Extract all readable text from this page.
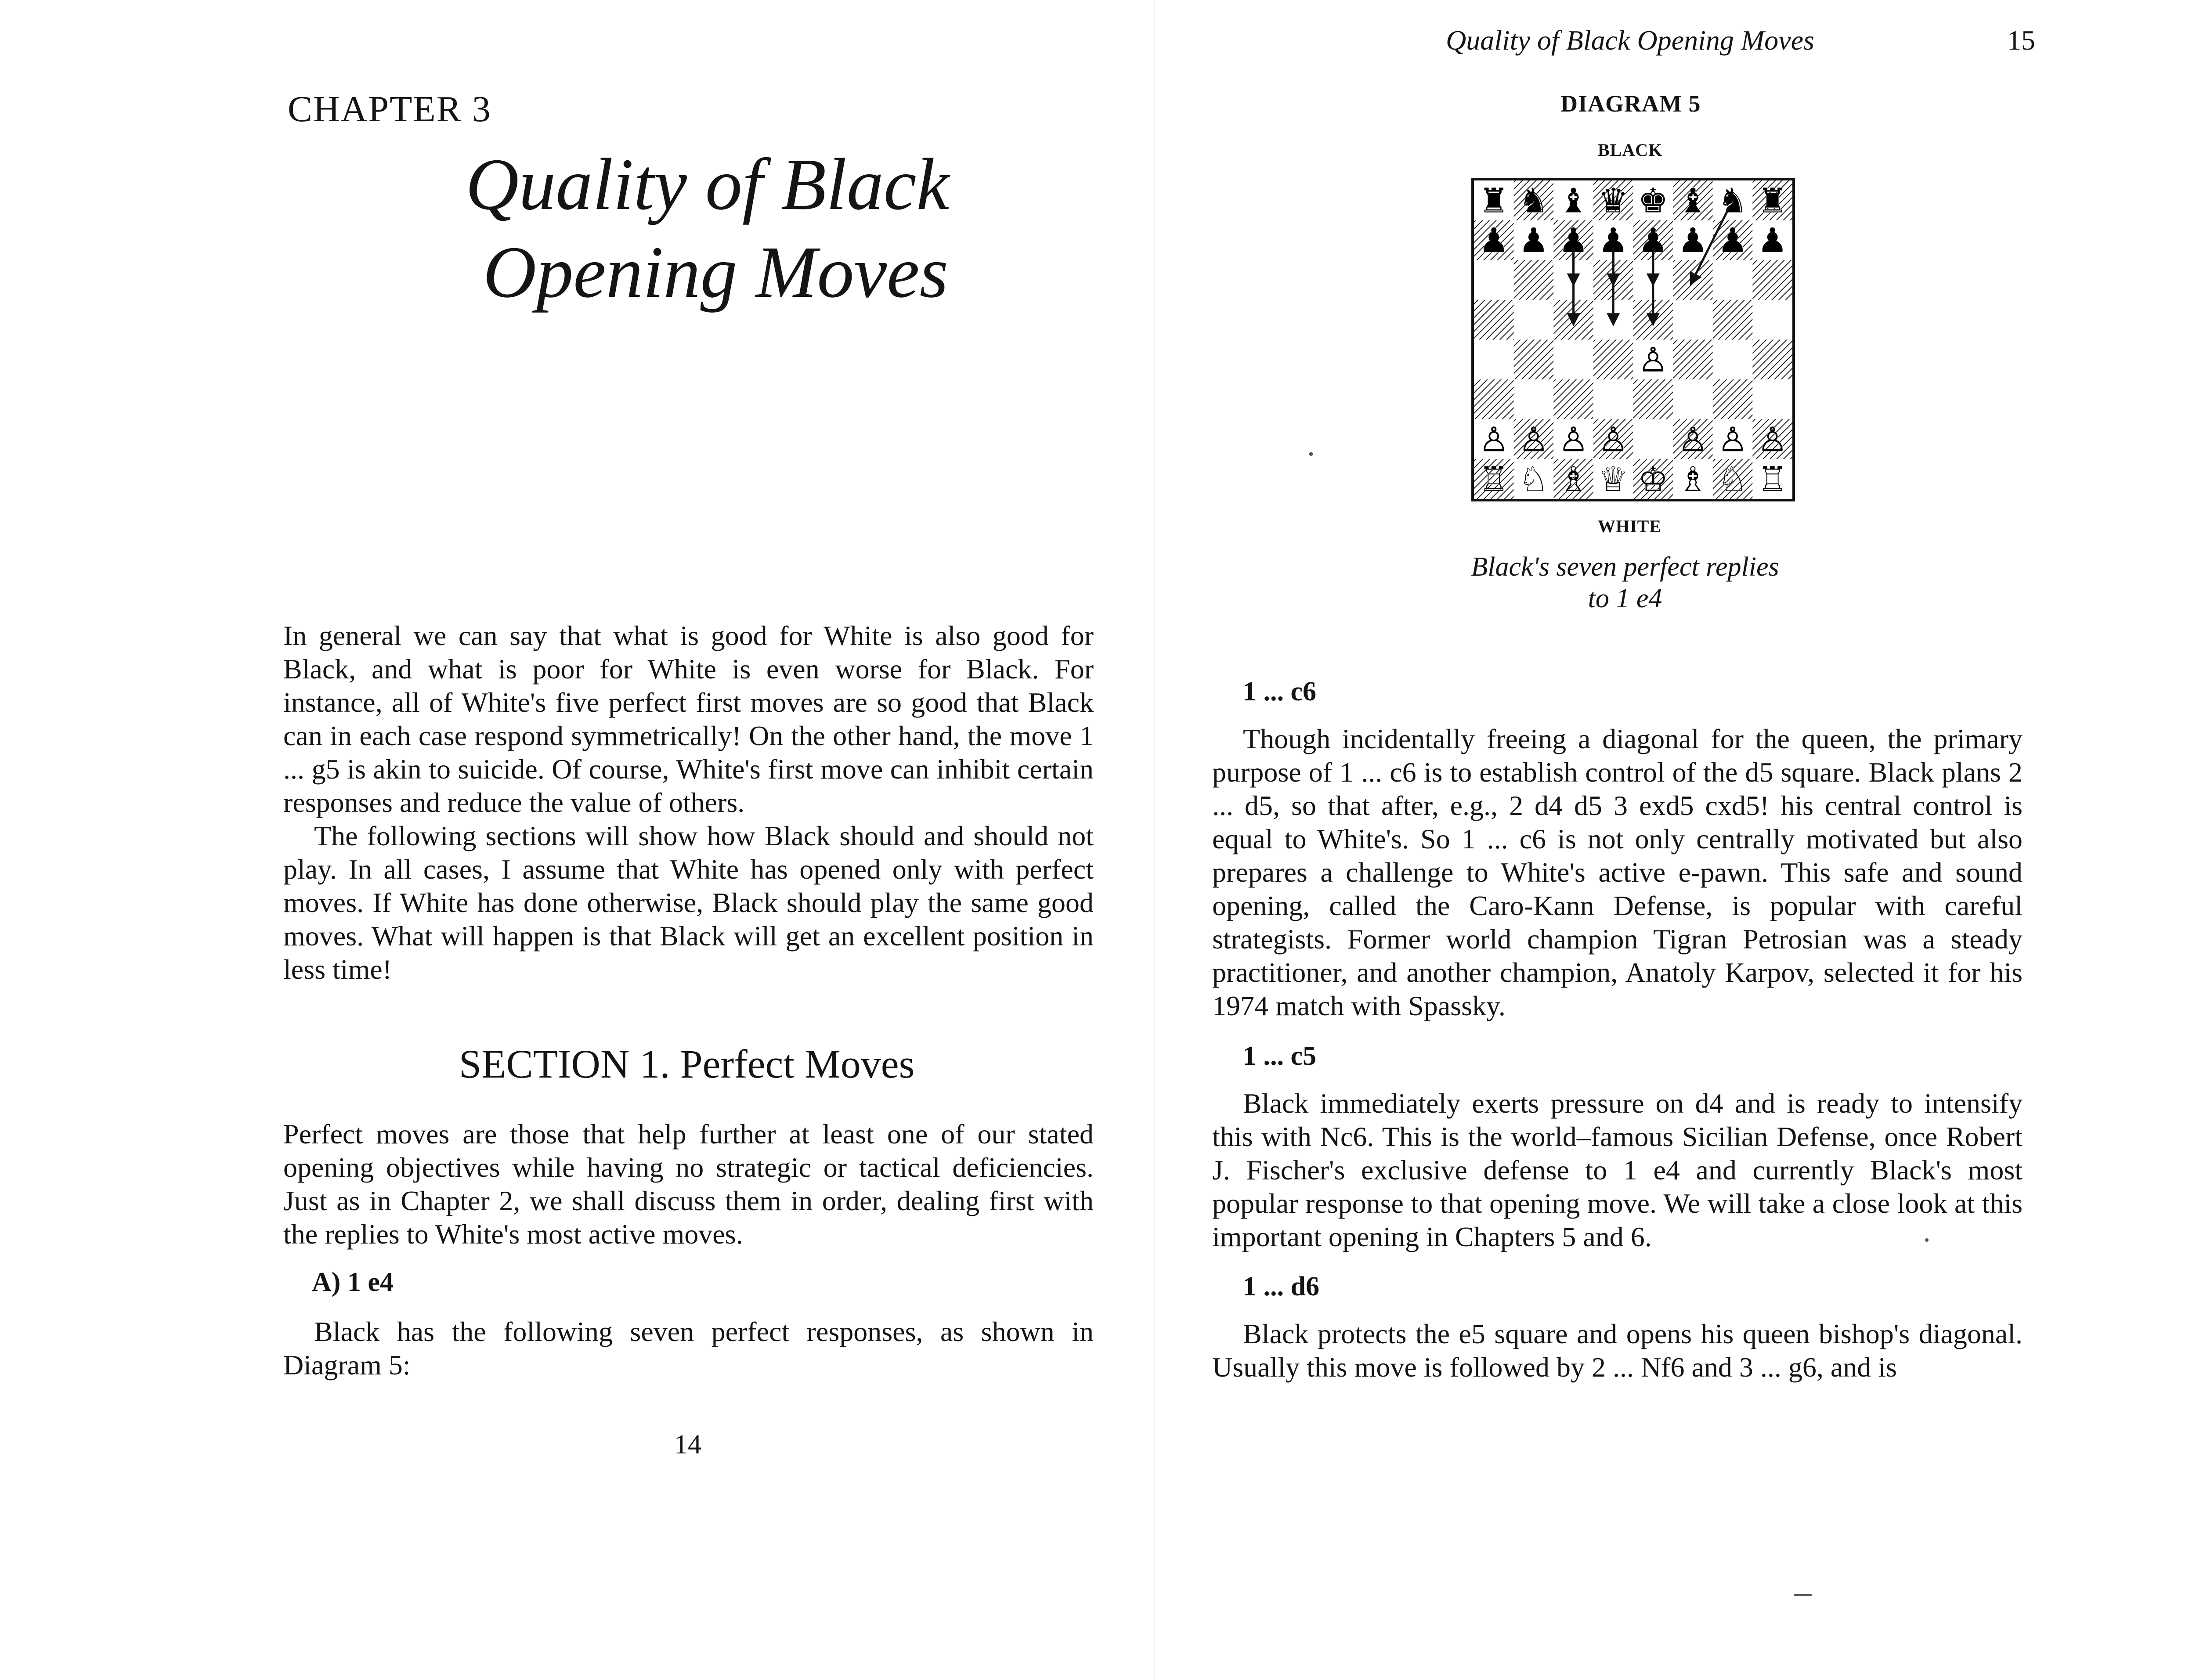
CHAPTER 3
Quality of Black
Opening Moves

In general we can say that what is good for White is also good for Black, and what is poor for White is even worse for Black. For instance, all of White's five perfect first moves are so good that Black can in each case respond symmetrically! On the other hand, the move 1 ... g5 is akin to suicide. Of course, White's first move can inhibit certain responses and reduce the value of others.

The following sections will show how Black should and should not play. In all cases, I assume that White has opened only with perfect moves. If White has done otherwise, Black should play the same good moves. What will happen is that Black will get an excellent position in less time!

SECTION 1. Perfect Moves
Perfect moves are those that help further at least one of our stated opening objectives while having no strategic or tactical deficiencies. Just as in Chapter 2, we shall discuss them in order, dealing first with the replies to White's most active moves.
A) 1 e4

Black has the following seven perfect responses, as shown in Diagram 5:

14
Quality of Black Opening Moves	15
DIAGRAM 5
BLACK
♜ ♞ ♝ ♛ ♚ ♝ ♞ ♜
♟ ♟ ♟ ♟ ♟ ♟ ♟ ♟
♙
♙ ♙ ♙ ♙ ♙ ♙ ♙
♖ ♘ ♗ ♕ ♔ ♗ ♘ ♖
WHITE
Black's seven perfect replies
to 1 e4
1 ... c6

Though incidentally freeing a diagonal for the queen, the primary purpose of 1 ... c6 is to establish control of the d5 square. Black plans 2 ... d5, so that after, e.g., 2 d4 d5 3 exd5 cxd5! his central control is equal to White's. So 1 ... c6 is not only centrally motivated but also prepares a challenge to White's active e-pawn. This safe and sound opening, called the Caro-Kann Defense, is popular with careful strategists. Former world champion Tigran Petrosian was a steady practitioner, and another champion, Anatoly Karpov, selected it for his 1974 match with Spassky.

1 ... c5

Black immediately exerts pressure on d4 and is ready to intensify this with Nc6. This is the world–famous Sicilian Defense, once Robert J. Fischer's exclusive defense to 1 e4 and currently Black's most popular response to that opening move. We will take a close look at this important opening in Chapters 5 and 6.

1 ... d6

Black protects the e5 square and opens his queen bishop's diagonal. Usually this move is followed by 2 ... Nf6 and 3 ... g6, and is
